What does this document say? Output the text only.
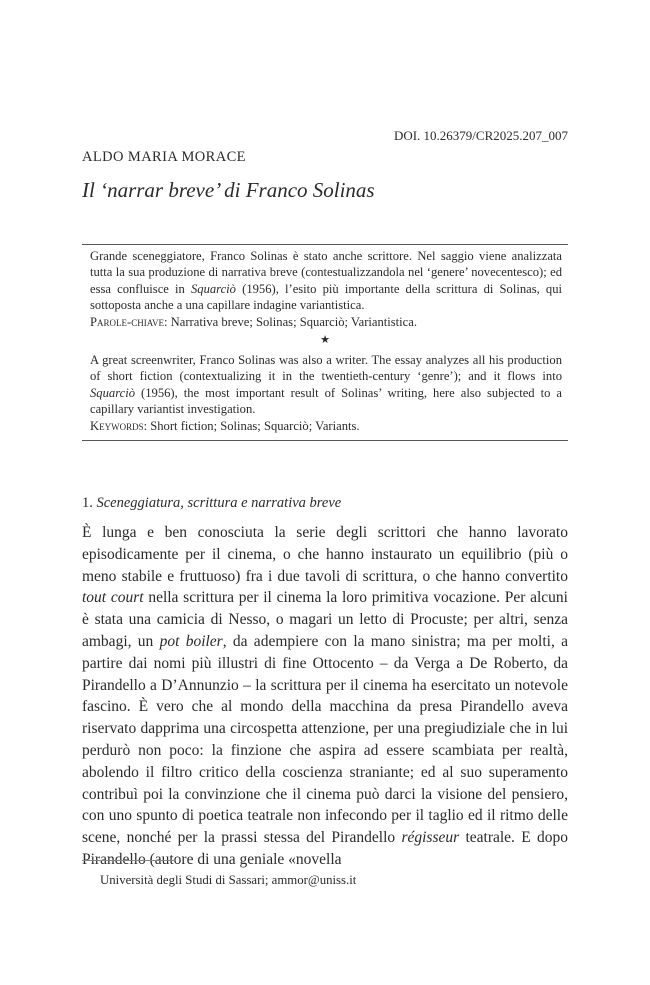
DOI. 10.26379/CR2025.207_007
ALDO MARIA MORACE
Il ‘narrar breve’ di Franco Solinas
Grande sceneggiatore, Franco Solinas è stato anche scrittore. Nel saggio viene analizzata tutta la sua produzione di narrativa breve (contestualizzandola nel ‘genere’ novecentesco); ed essa confluisce in Squarciò (1956), l’esito più importante della scrittura di Solinas, qui sottoposta anche a una capillare indagine variantistica.
Parole-chiave: Narrativa breve; Solinas; Squarciò; Variantistica.
★
A great screenwriter, Franco Solinas was also a writer. The essay analyzes all his production of short fiction (contextualizing it in the twentieth-century ‘genre’); and it flows into Squarciò (1956), the most important result of Solinas’ writing, here also subjected to a capillary variantist investigation.
Keywords: Short fiction; Solinas; Squarciò; Variants.
1. Sceneggiatura, scrittura e narrativa breve

È lunga e ben conosciuta la serie degli scrittori che hanno lavorato episodicamente per il cinema, o che hanno instaurato un equilibrio (più o meno stabile e fruttuoso) fra i due tavoli di scrittura, o che hanno convertito tout court nella scrittura per il cinema la loro primitiva vocazione. Per alcuni è stata una camicia di Nesso, o magari un letto di Procuste; per altri, senza ambagi, un pot boiler, da adempiere con la mano sinistra; ma per molti, a partire dai nomi più illustri di fine Ottocento – da Verga a De Roberto, da Pirandello a D’Annunzio – la scrittura per il cinema ha esercitato un notevole fascino. È vero che al mondo della macchina da presa Pirandello aveva riservato dapprima una circospetta attenzione, per una pregiudiziale che in lui perdurò non poco: la finzione che aspira ad essere scambiata per realtà, abolendo il filtro critico della coscienza straniante; ed al suo superamento contribuì poi la convinzione che il cinema può darci la visione del pensiero, con uno spunto di poetica teatrale non infecondo per il taglio ed il ritmo delle scene, nonché per la prassi stessa del Pirandello régisseur teatrale. E dopo Pirandello (autore di una geniale «novella

Università degli Studi di Sassari; ammor@uniss.it
